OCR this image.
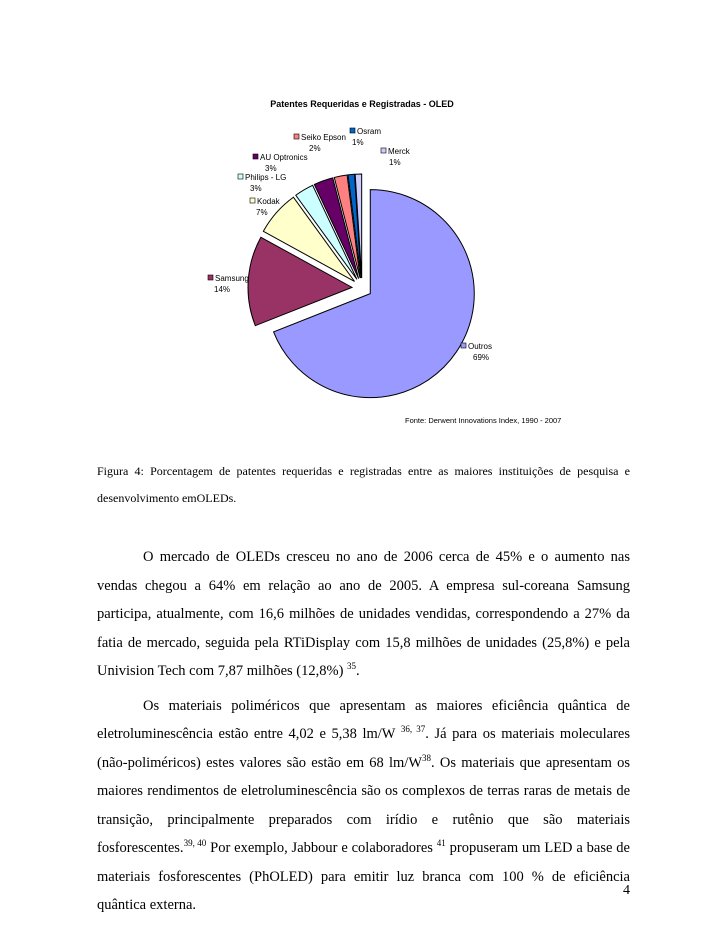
Patentes Requeridas e Registradas - OLED
Outros
69%
Samsung
14%
Kodak
7%
Philips - LG
3%
AU Optronics
3%
Seiko Epson
2%
Osram
1%
Merck
1%
Fonte: Derwent Innovations Index, 1990 - 2007
Figura 4: Porcentagem de patentes requeridas e registradas entre as maiores instituições de pesquisa e desenvolvimento emOLEDs.

O mercado de OLEDs cresceu no ano de 2006 cerca de 45% e o aumento nas vendas chegou a 64% em relação ao ano de 2005. A empresa sul-coreana Samsung participa, atualmente, com 16,6 milhões de unidades vendidas, correspondendo a 27% da fatia de mercado, seguida pela RTiDisplay com 15,8 milhões de unidades (25,8%) e pela Univision Tech com 7,87 milhões (12,8%) $^{35}$.

Os materiais poliméricos que apresentam as maiores eficiência quântica de eletroluminescência estão entre 4,02 e 5,38 lm/W $^{36, 37}$. Já para os materiais moleculares (não-poliméricos) estes valores são estão em 68 $lm/W^{38}$. Os materiais que apresentam os maiores rendimentos de eletroluminescência são os complexos de terras raras de metais de transição, principalmente preparados com irídio e rutênio que são materiais fosforescentes.$^{39, 40}$ Por exemplo, Jabbour e colaboradores $^{41}$ propuseram um LED a base de materiais fosforescentes (PhOLED) para emitir luz branca com 100 % de eficiência quântica externa.

4
